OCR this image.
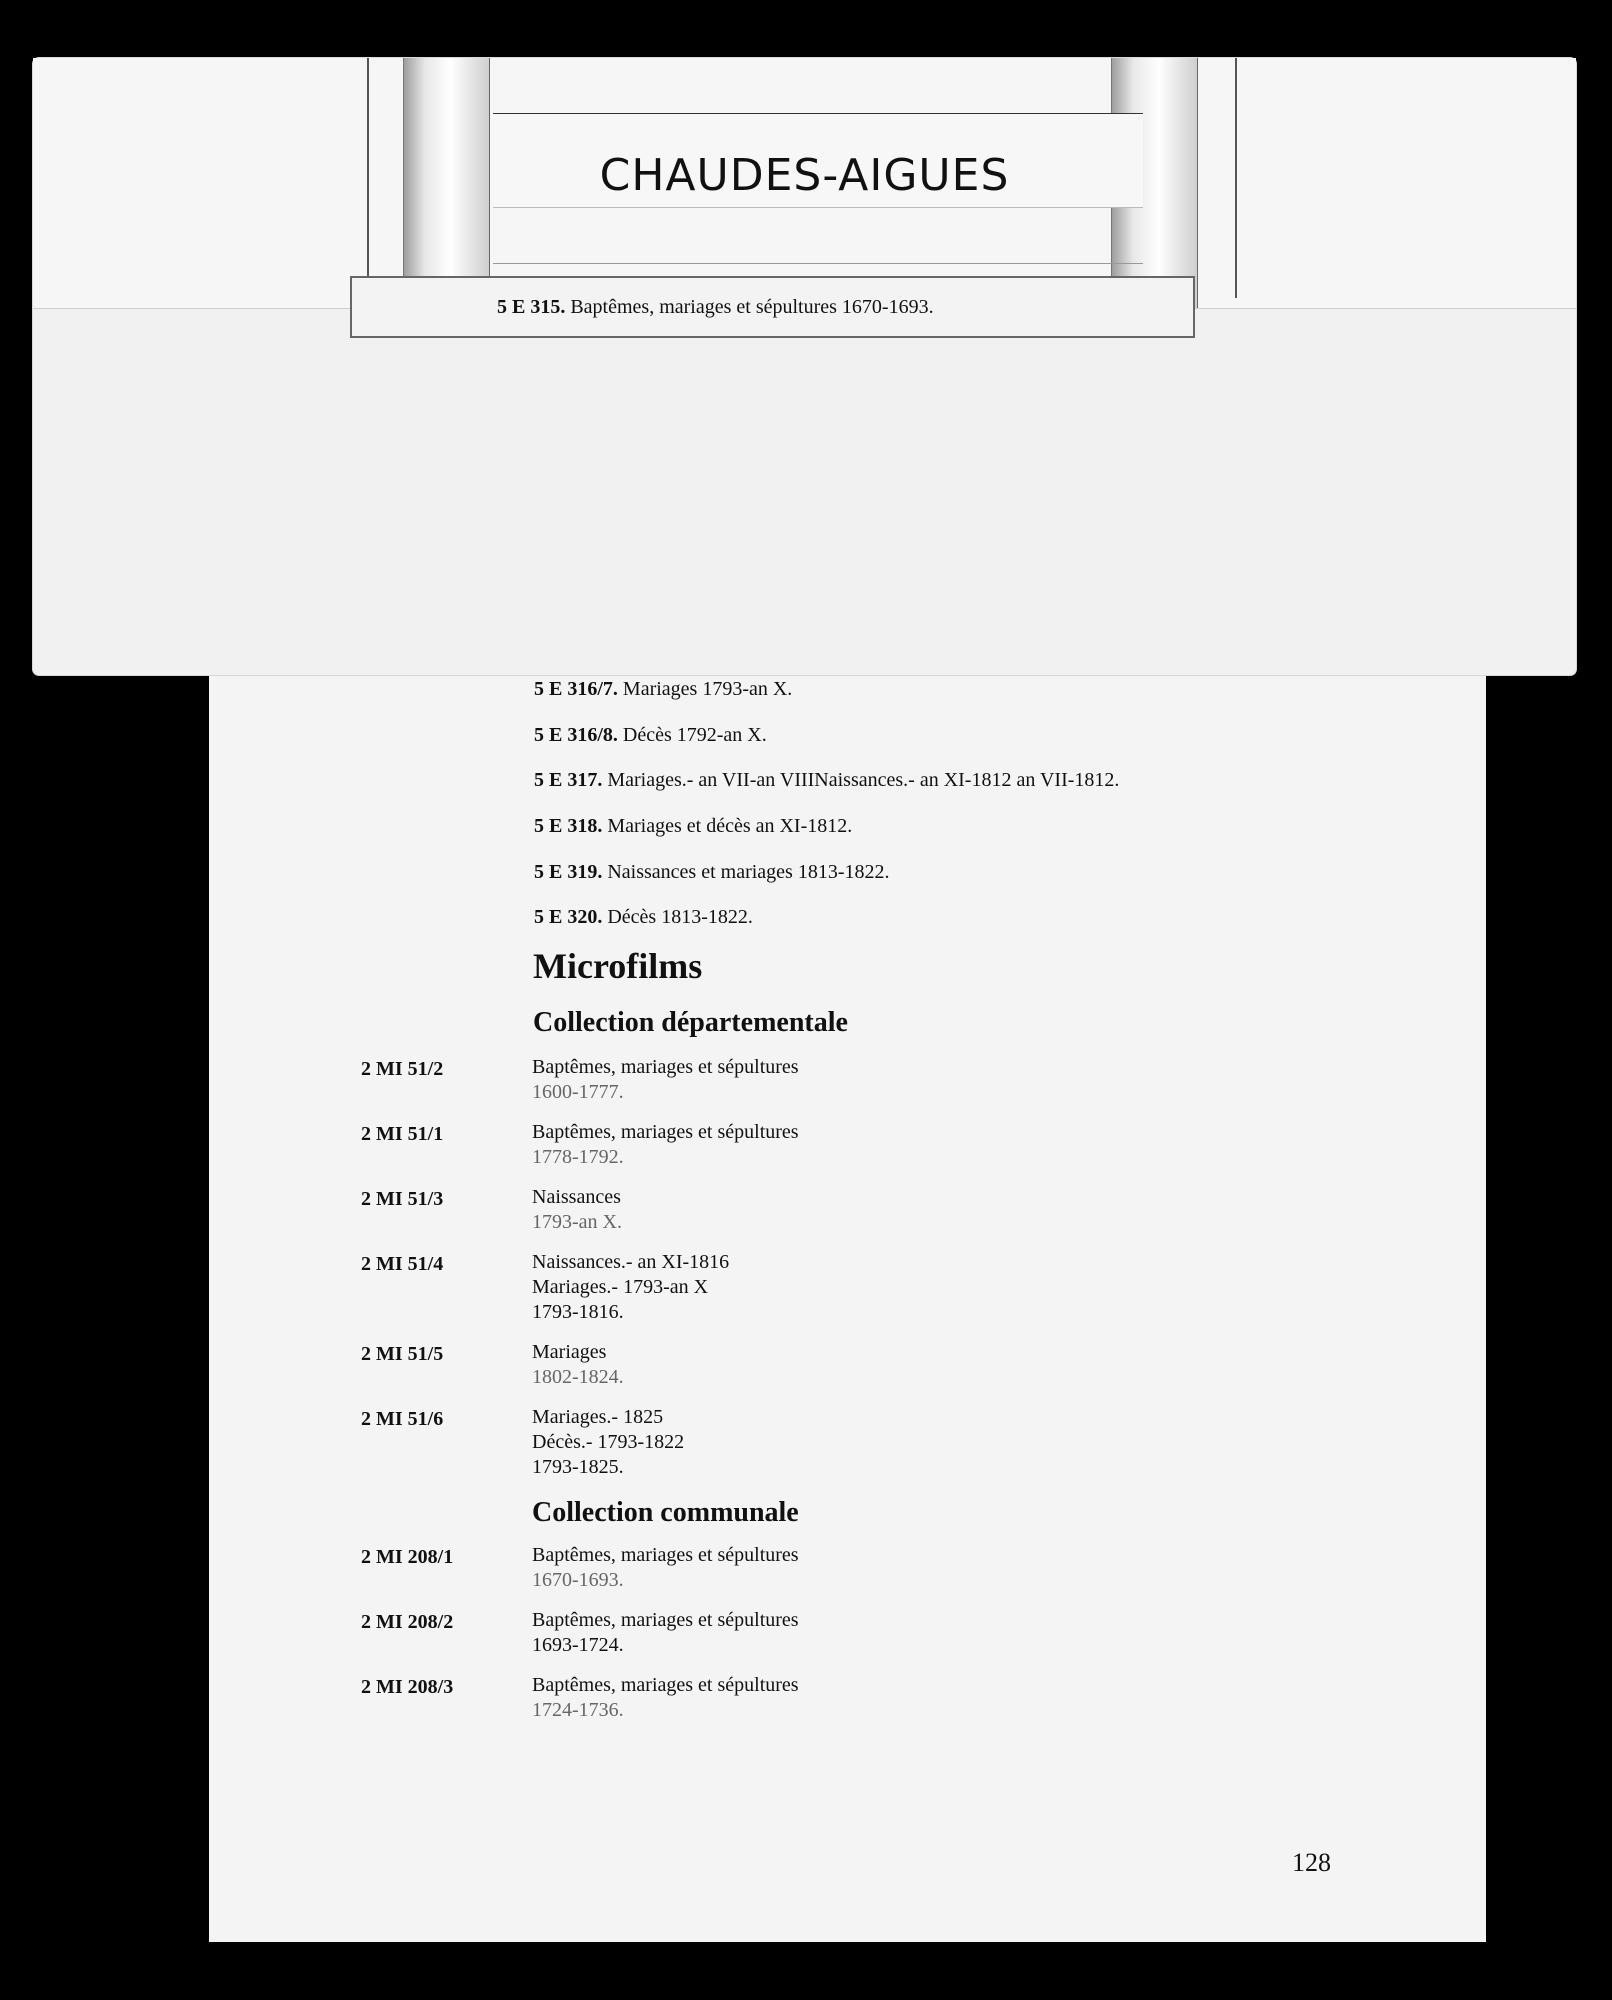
5 E 316/7. Mariages 1793-an X.
5 E 316/8. Décès 1792-an X.
5 E 317. Mariages.- an VII-an VIIINaissances.- an XI-1812 an VII-1812.
5 E 318. Mariages et décès an XI-1812.
5 E 319. Naissances et mariages 1813-1822.
5 E 320. Décès 1813-1822.
Microfilms
Collection départementale
2 MI 51/2	Baptêmes, mariages et sépultures
1600-1777.
2 MI 51/1	Baptêmes, mariages et sépultures
1778-1792.
2 MI 51/3	Naissances
1793-an X.
2 MI 51/4	Naissances.- an XI-1816
Mariages.- 1793-an X
1793-1816.
2 MI 51/5	Mariages
1802-1824.
2 MI 51/6	Mariages.- 1825
Décès.- 1793-1822
1793-1825.
Collection communale
2 MI 208/1	Baptêmes, mariages et sépultures
1670-1693.
2 MI 208/2	Baptêmes, mariages et sépultures
1693-1724.
2 MI 208/3	Baptêmes, mariages et sépultures
1724-1736.
128
CHAUDES-AIGUES
5 E 315. Baptêmes, mariages et sépultures 1670-1693.
